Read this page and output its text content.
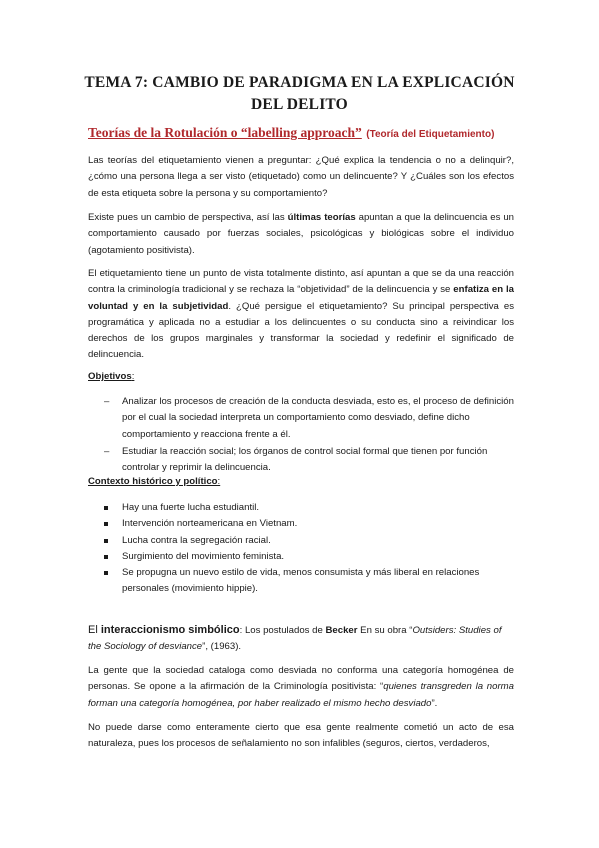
TEMA 7: CAMBIO DE PARADIGMA EN LA EXPLICACIÓN
DEL DELITO
Teorías de la Rotulación o “labelling approach” (Teoría del Etiquetamiento)
Las teorías del etiquetamiento vienen a preguntar: ¿Qué explica la tendencia o no a delinquir?, ¿cómo una persona llega a ser visto (etiquetado) como un delincuente? Y ¿Cuáles son los efectos de esta etiqueta sobre la persona y su comportamiento?
Existe pues un cambio de perspectiva, así las últimas teorías apuntan a que la delincuencia es un comportamiento causado por fuerzas sociales, psicológicas y biológicas sobre el individuo (agotamiento positivista).
El etiquetamiento tiene un punto de vista totalmente distinto, así apuntan a que se da una reacción contra la criminología tradicional y se rechaza la “objetividad” de la delincuencia y se enfatiza en la voluntad y en la subjetividad. ¿Qué persigue el etiquetamiento? Su principal perspectiva es programática y aplicada no a estudiar a los delincuentes o su conducta sino a reivindicar los derechos de los grupos marginales y transformar la sociedad y redefinir el significado de delincuencia.
Objetivos:
– Analizar los procesos de creación de la conducta desviada, esto es, el proceso de definición por el cual la sociedad interpreta un comportamiento como desviado, define dicho comportamiento y reacciona frente a él.
– Estudiar la reacción social; los órganos de control social formal que tienen por función controlar y reprimir la delincuencia.
Contexto histórico y político:
Hay una fuerte lucha estudiantil.
Intervención norteamericana en Vietnam.
Lucha contra la segregación racial.
Surgimiento del movimiento feminista.
Se propugna un nuevo estilo de vida, menos consumista y más liberal en relaciones personales (movimiento hippie).
El interaccionismo simbólico: Los postulados de Becker En su obra “Outsiders: Studies of the Sociology of desviance”, (1963).
La gente que la sociedad cataloga como desviada no conforma una categoría homogénea de personas. Se opone a la afirmación de la Criminología positivista: “quienes transgreden la norma forman una categoría homogénea, por haber realizado el mismo hecho desviado”.
No puede darse como enteramente cierto que esa gente realmente cometió un acto de esa naturaleza, pues los procesos de señalamiento no son infalibles (seguros, ciertos, verdaderos,
